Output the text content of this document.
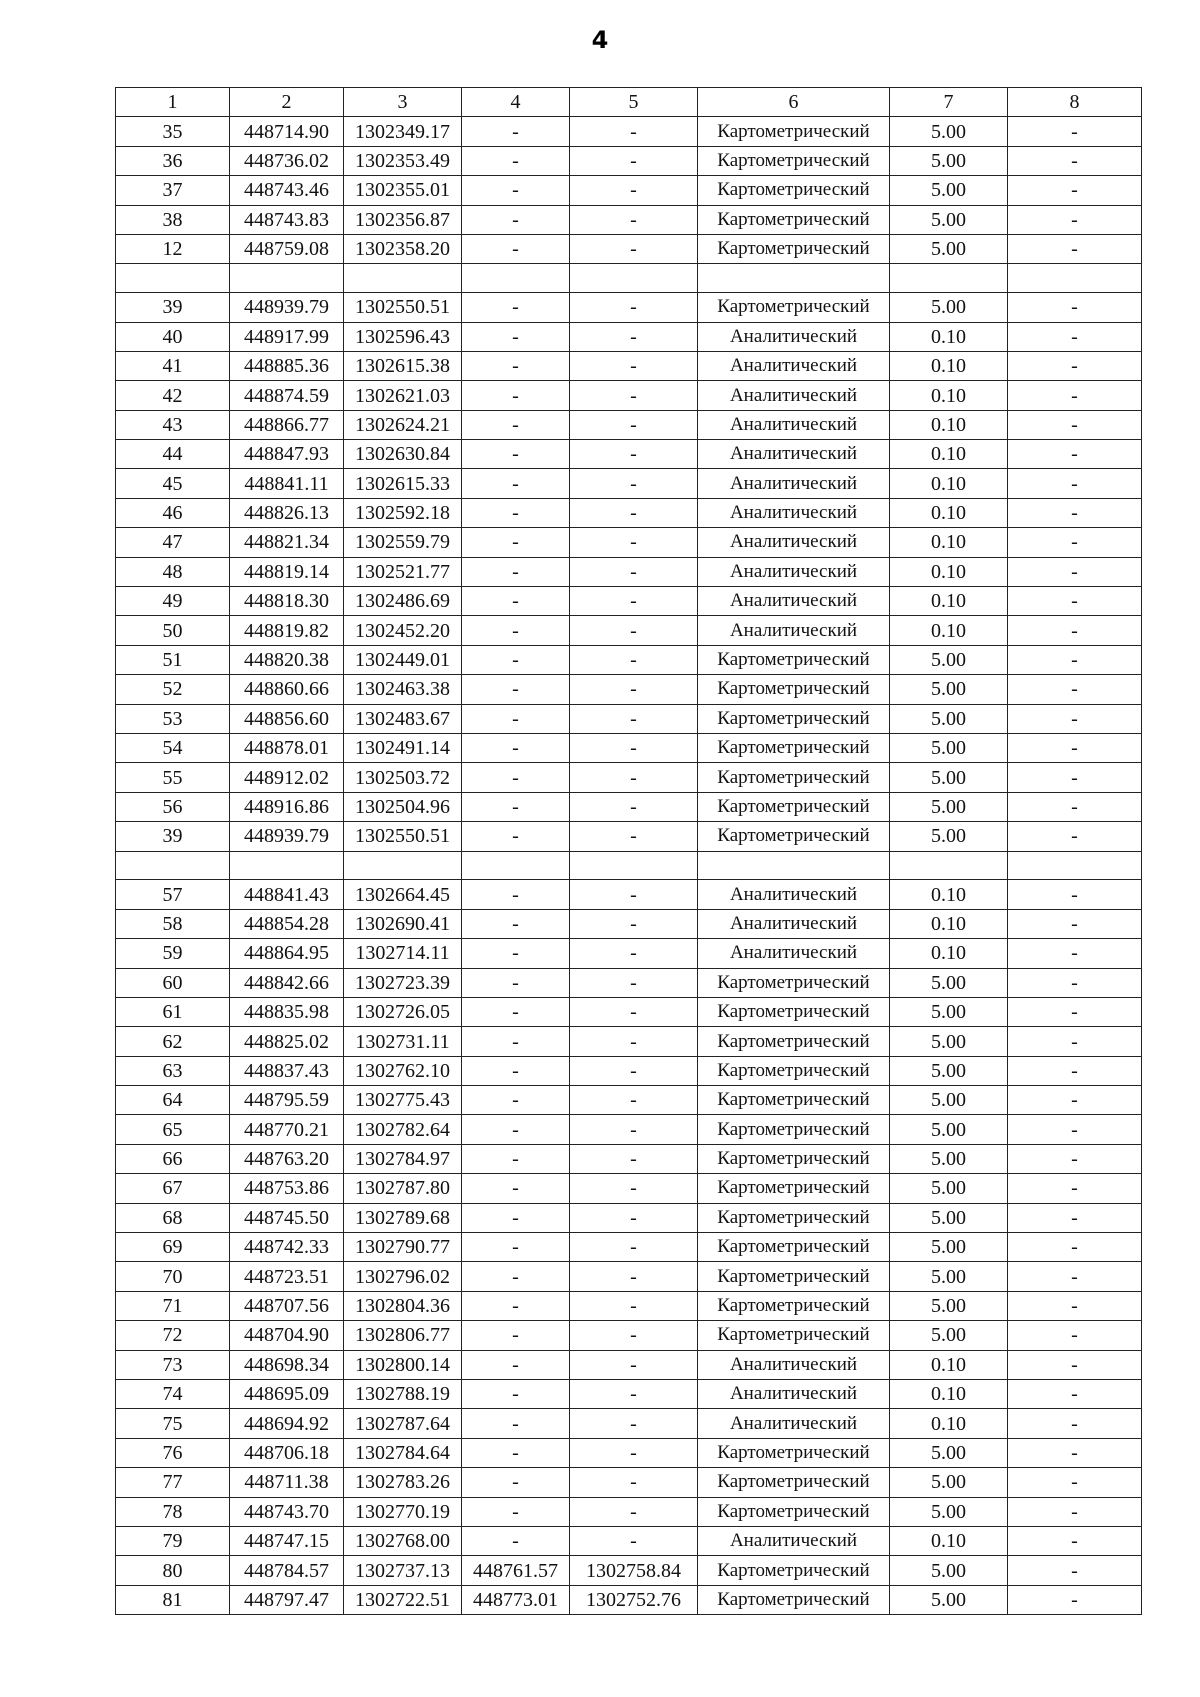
4
1	2	3	4	5	6	7	8
35	448714.90	1302349.17	-	-	Картометрический	5.00	-
36	448736.02	1302353.49	-	-	Картометрический	5.00	-
37	448743.46	1302355.01	-	-	Картометрический	5.00	-
38	448743.83	1302356.87	-	-	Картометрический	5.00	-
12	448759.08	1302358.20	-	-	Картометрический	5.00	-

39	448939.79	1302550.51	-	-	Картометрический	5.00	-
40	448917.99	1302596.43	-	-	Аналитический	0.10	-
41	448885.36	1302615.38	-	-	Аналитический	0.10	-
42	448874.59	1302621.03	-	-	Аналитический	0.10	-
43	448866.77	1302624.21	-	-	Аналитический	0.10	-
44	448847.93	1302630.84	-	-	Аналитический	0.10	-
45	448841.11	1302615.33	-	-	Аналитический	0.10	-
46	448826.13	1302592.18	-	-	Аналитический	0.10	-
47	448821.34	1302559.79	-	-	Аналитический	0.10	-
48	448819.14	1302521.77	-	-	Аналитический	0.10	-
49	448818.30	1302486.69	-	-	Аналитический	0.10	-
50	448819.82	1302452.20	-	-	Аналитический	0.10	-
51	448820.38	1302449.01	-	-	Картометрический	5.00	-
52	448860.66	1302463.38	-	-	Картометрический	5.00	-
53	448856.60	1302483.67	-	-	Картометрический	5.00	-
54	448878.01	1302491.14	-	-	Картометрический	5.00	-
55	448912.02	1302503.72	-	-	Картометрический	5.00	-
56	448916.86	1302504.96	-	-	Картометрический	5.00	-
39	448939.79	1302550.51	-	-	Картометрический	5.00	-

57	448841.43	1302664.45	-	-	Аналитический	0.10	-
58	448854.28	1302690.41	-	-	Аналитический	0.10	-
59	448864.95	1302714.11	-	-	Аналитический	0.10	-
60	448842.66	1302723.39	-	-	Картометрический	5.00	-
61	448835.98	1302726.05	-	-	Картометрический	5.00	-
62	448825.02	1302731.11	-	-	Картометрический	5.00	-
63	448837.43	1302762.10	-	-	Картометрический	5.00	-
64	448795.59	1302775.43	-	-	Картометрический	5.00	-
65	448770.21	1302782.64	-	-	Картометрический	5.00	-
66	448763.20	1302784.97	-	-	Картометрический	5.00	-
67	448753.86	1302787.80	-	-	Картометрический	5.00	-
68	448745.50	1302789.68	-	-	Картометрический	5.00	-
69	448742.33	1302790.77	-	-	Картометрический	5.00	-
70	448723.51	1302796.02	-	-	Картометрический	5.00	-
71	448707.56	1302804.36	-	-	Картометрический	5.00	-
72	448704.90	1302806.77	-	-	Картометрический	5.00	-
73	448698.34	1302800.14	-	-	Аналитический	0.10	-
74	448695.09	1302788.19	-	-	Аналитический	0.10	-
75	448694.92	1302787.64	-	-	Аналитический	0.10	-
76	448706.18	1302784.64	-	-	Картометрический	5.00	-
77	448711.38	1302783.26	-	-	Картометрический	5.00	-
78	448743.70	1302770.19	-	-	Картометрический	5.00	-
79	448747.15	1302768.00	-	-	Аналитический	0.10	-
80	448784.57	1302737.13	448761.57	1302758.84	Картометрический	5.00	-
81	448797.47	1302722.51	448773.01	1302752.76	Картометрический	5.00	-
